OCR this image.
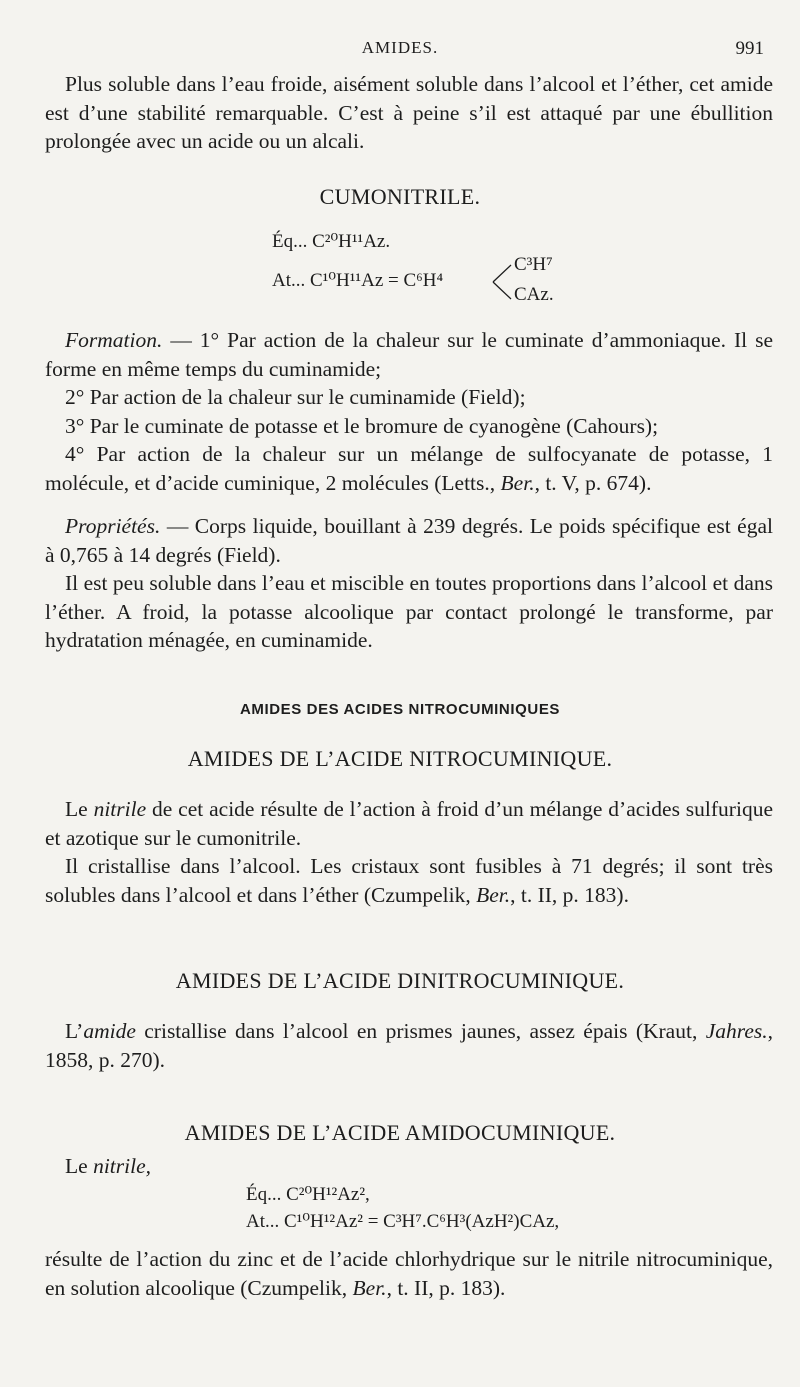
AMIDES.	991

Plus soluble dans l’eau froide, aisément soluble dans l’alcool et l’éther, cet amide est d’une stabilité remarquable. C’est à peine s’il est attaqué par une ébullition prolongée avec un acide ou un alcali.

CUMONITRILE.
Éq... C²⁰H¹¹Az.
At... C¹⁰H¹¹Az = C⁶H⁴
C³H⁷
CAz.

Formation. — 1° Par action de la chaleur sur le cuminate d’ammoniaque. Il se forme en même temps du cuminamide;

2° Par action de la chaleur sur le cuminamide (Field);

3° Par le cuminate de potasse et le bromure de cyanogène (Cahours);

4° Par action de la chaleur sur un mélange de sulfocyanate de potasse, 1 molécule, et d’acide cuminique, 2 molécules (Letts., Ber., t. V, p. 674).

Propriétés. — Corps liquide, bouillant à 239 degrés. Le poids spécifique est égal à 0,765 à 14 degrés (Field).

Il est peu soluble dans l’eau et miscible en toutes proportions dans l’alcool et dans l’éther. A froid, la potasse alcoolique par contact prolongé le transforme, par hydratation ménagée, en cuminamide.

AMIDES DES ACIDES NITROCUMINIQUES
AMIDES DE L’ACIDE NITROCUMINIQUE.

Le nitrile de cet acide résulte de l’action à froid d’un mélange d’acides sulfurique et azotique sur le cumonitrile.

Il cristallise dans l’alcool. Les cristaux sont fusibles à 71 degrés; il sont très solubles dans l’alcool et dans l’éther (Czumpelik, Ber., t. II, p. 183).

AMIDES DE L’ACIDE DINITROCUMINIQUE.

L’amide cristallise dans l’alcool en prismes jaunes, assez épais (Kraut, Jahres., 1858, p. 270).

AMIDES DE L’ACIDE AMIDOCUMINIQUE.

Le nitrile,

Éq... C²⁰H¹²Az²,
At... C¹⁰H¹²Az² = C³H⁷.C⁶H³(AzH²)CAz,

résulte de l’action du zinc et de l’acide chlorhydrique sur le nitrile nitrocuminique, en solution alcoolique (Czumpelik, Ber., t. II, p. 183).
